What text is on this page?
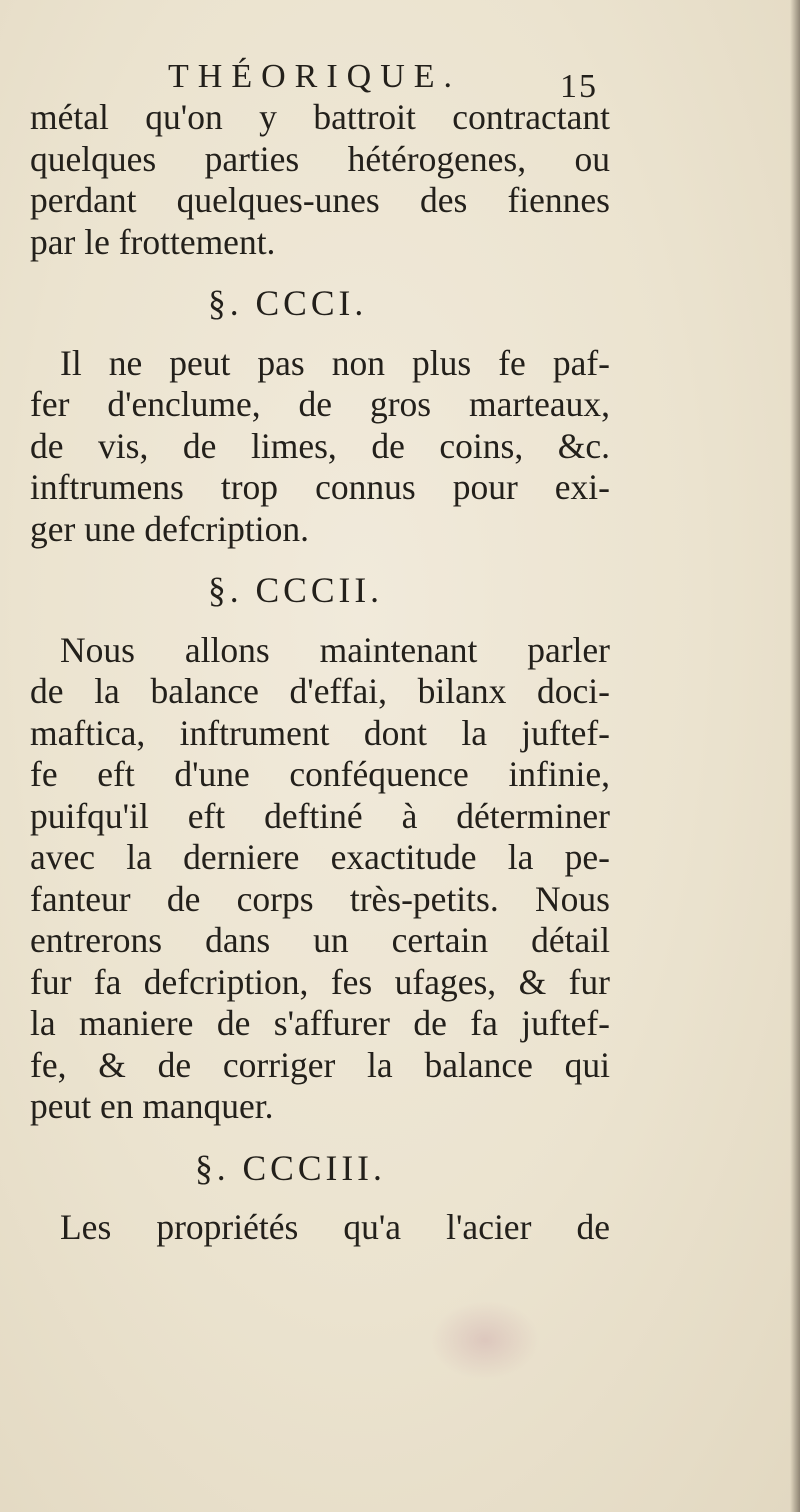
THÉORIQUE.	15
métal qu'on y battroit contractant
quelques parties hétérogenes, ou
perdant quelques-unes des fiennes
par le frottement.
§. CCCI.
Il ne peut pas non plus fe paf-
fer d'enclume, de gros marteaux,
de vis, de limes, de coins, &c.
inftrumens trop connus pour exi-
ger une defcription.
§. CCCII.
Nous allons maintenant parler
de la balance d'effai, bilanx doci-
maftica, inftrument dont la juftef-
fe eft d'une conféquence infinie,
puifqu'il eft deftiné à déterminer
avec la derniere exactitude la pe-
fanteur de corps très-petits. Nous
entrerons dans un certain détail
fur fa defcription, fes ufages, & fur
la maniere de s'affurer de fa juftef-
fe, & de corriger la balance qui
peut en manquer.
§. CCCIII.
Les propriétés qu'a l'acier de
